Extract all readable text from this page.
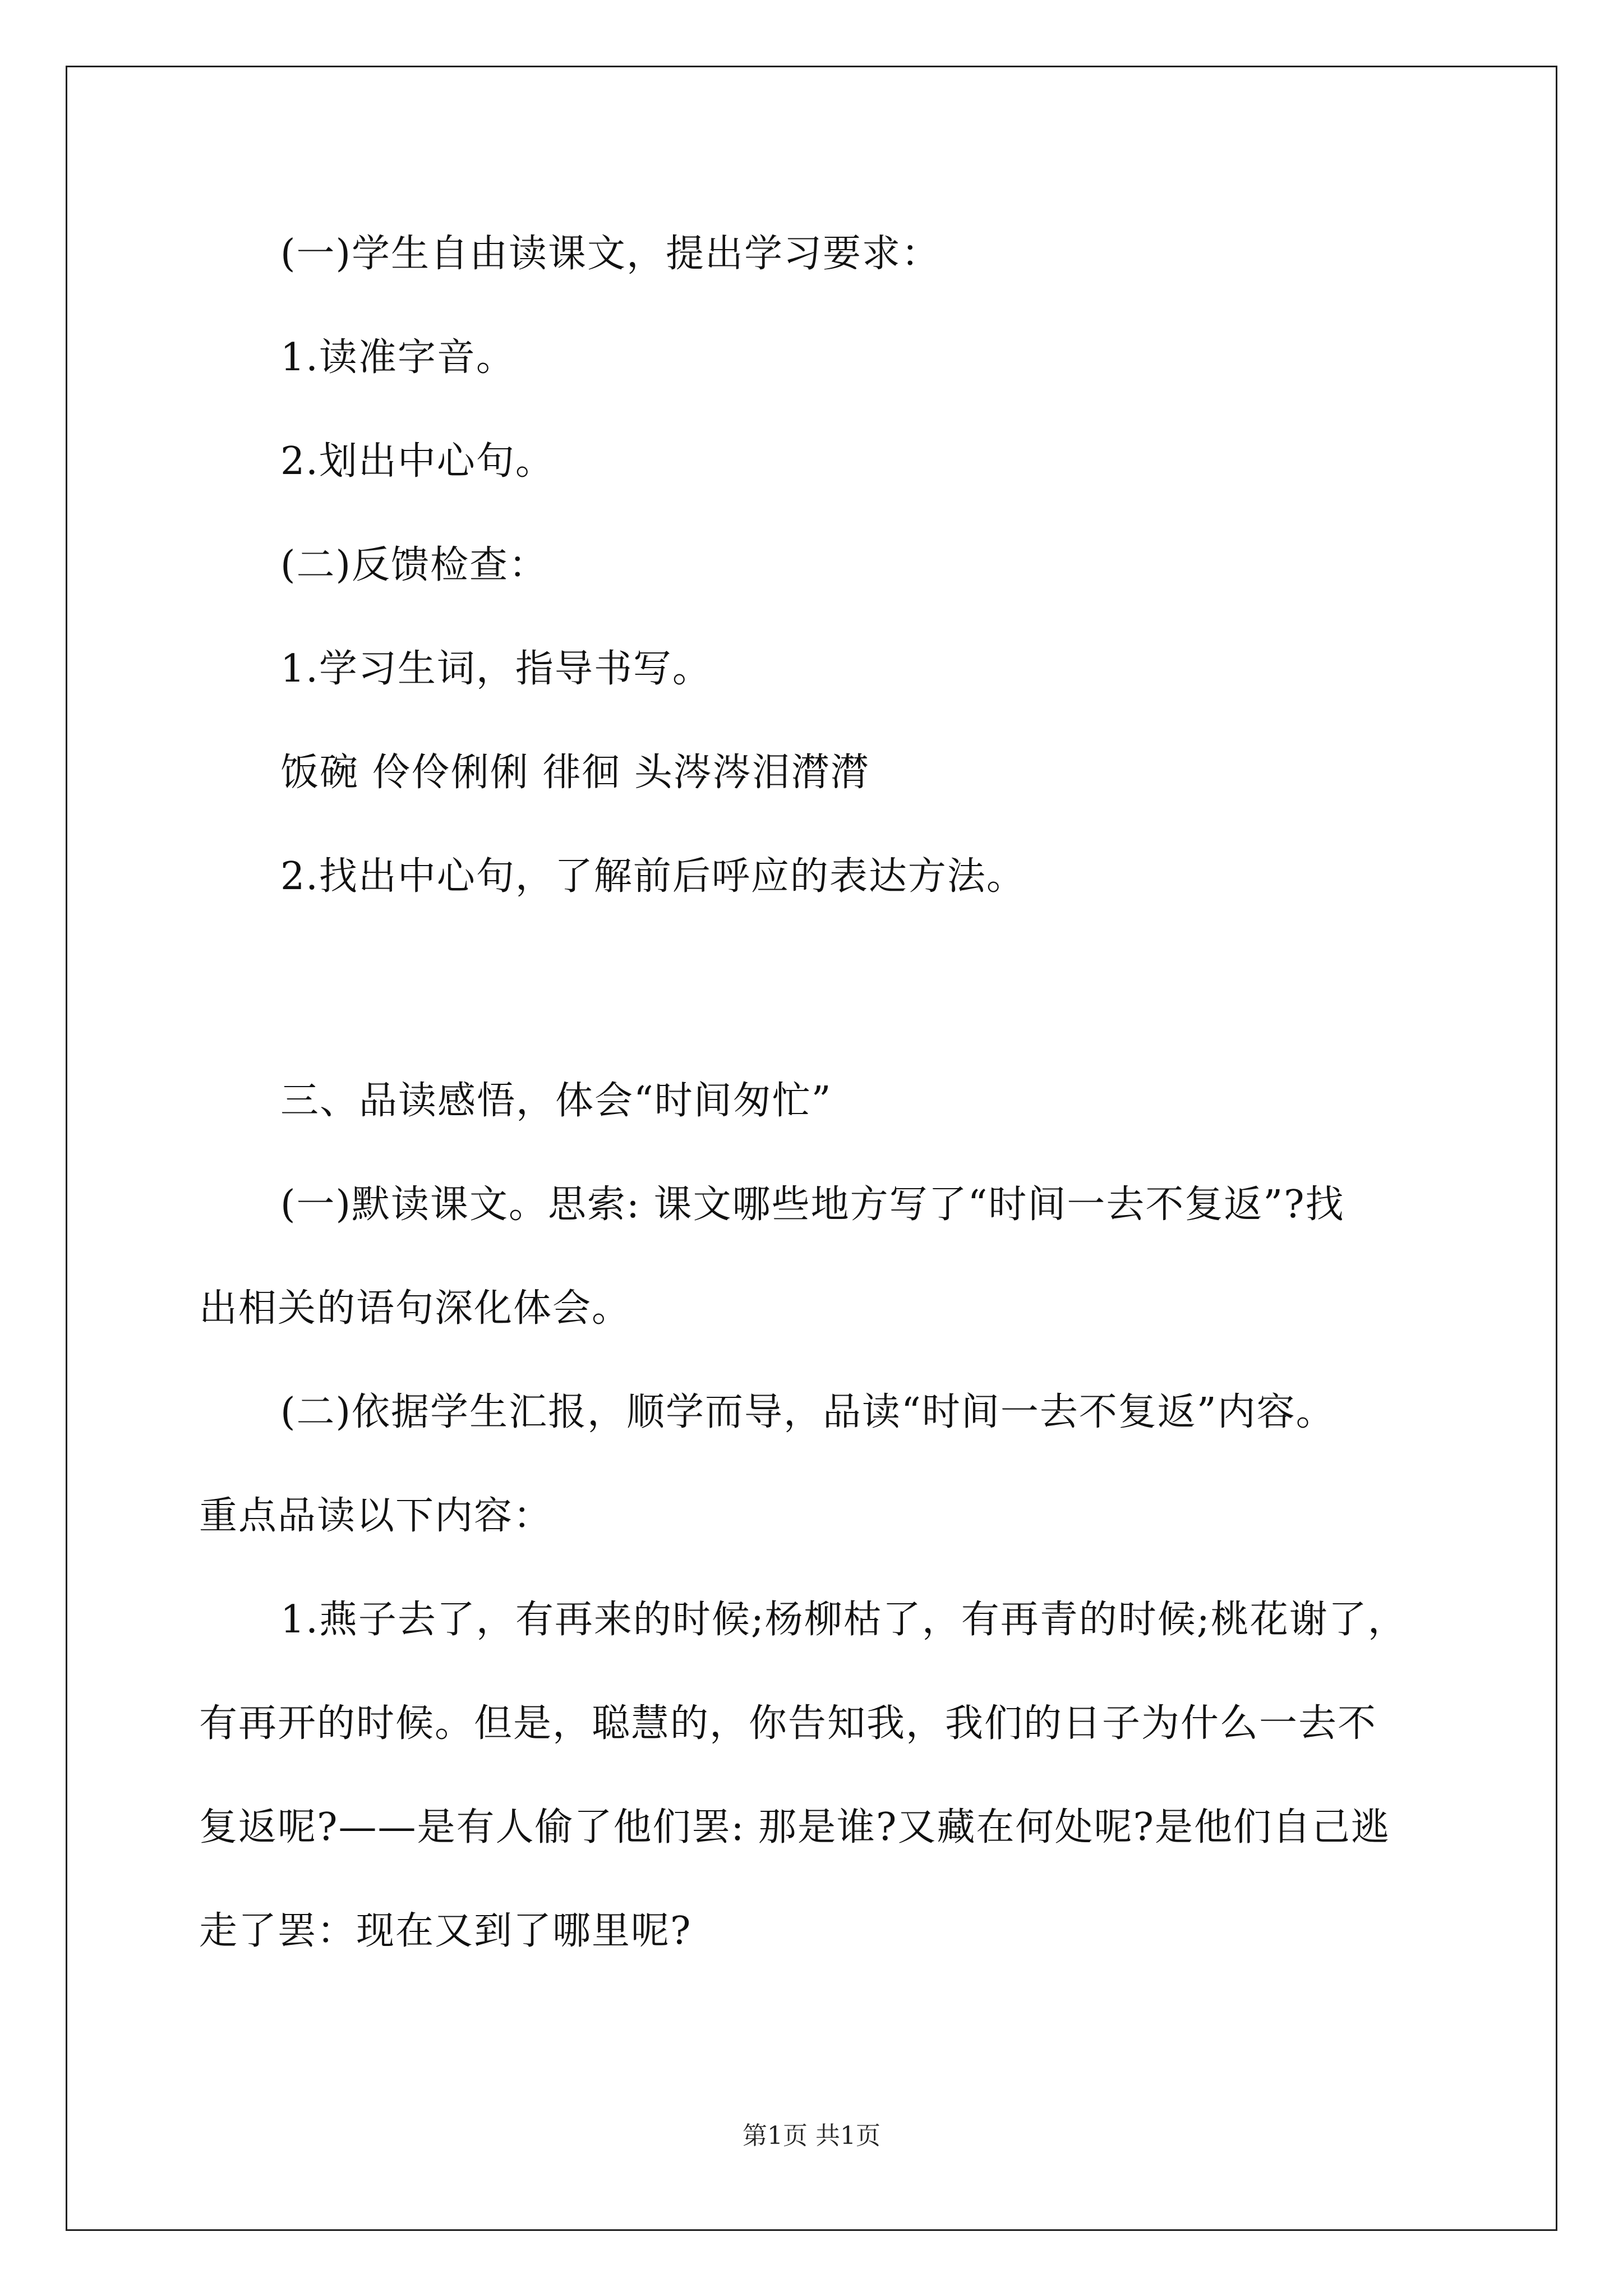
(一)学生自由读课文，提出学习要求：

1.读准字音。

2.划出中心句。

(二)反馈检查：

1.学习生词，指导书写。

饭碗 伶伶俐俐 徘徊 头涔涔泪潸潸

2.找出中心句，了解前后呼应的表达方法。

三、品读感悟，体会“时间匆忙”

(一)默读课文。思索: 课文哪些地方写了“时间一去不复返”?找

出相关的语句深化体会。

(二)依据学生汇报，顺学而导，品读“时间一去不复返”内容。

重点品读以下内容：

1.燕子去了，有再来的时候;杨柳枯了，有再青的时候;桃花谢了，

有再开的时候。但是，聪慧的，你告知我，我们的日子为什么一去不

复返呢?——是有人偷了他们罢: 那是谁?又藏在何处呢?是他们自己逃

走了罢：现在又到了哪里呢?

第1页 共1页
